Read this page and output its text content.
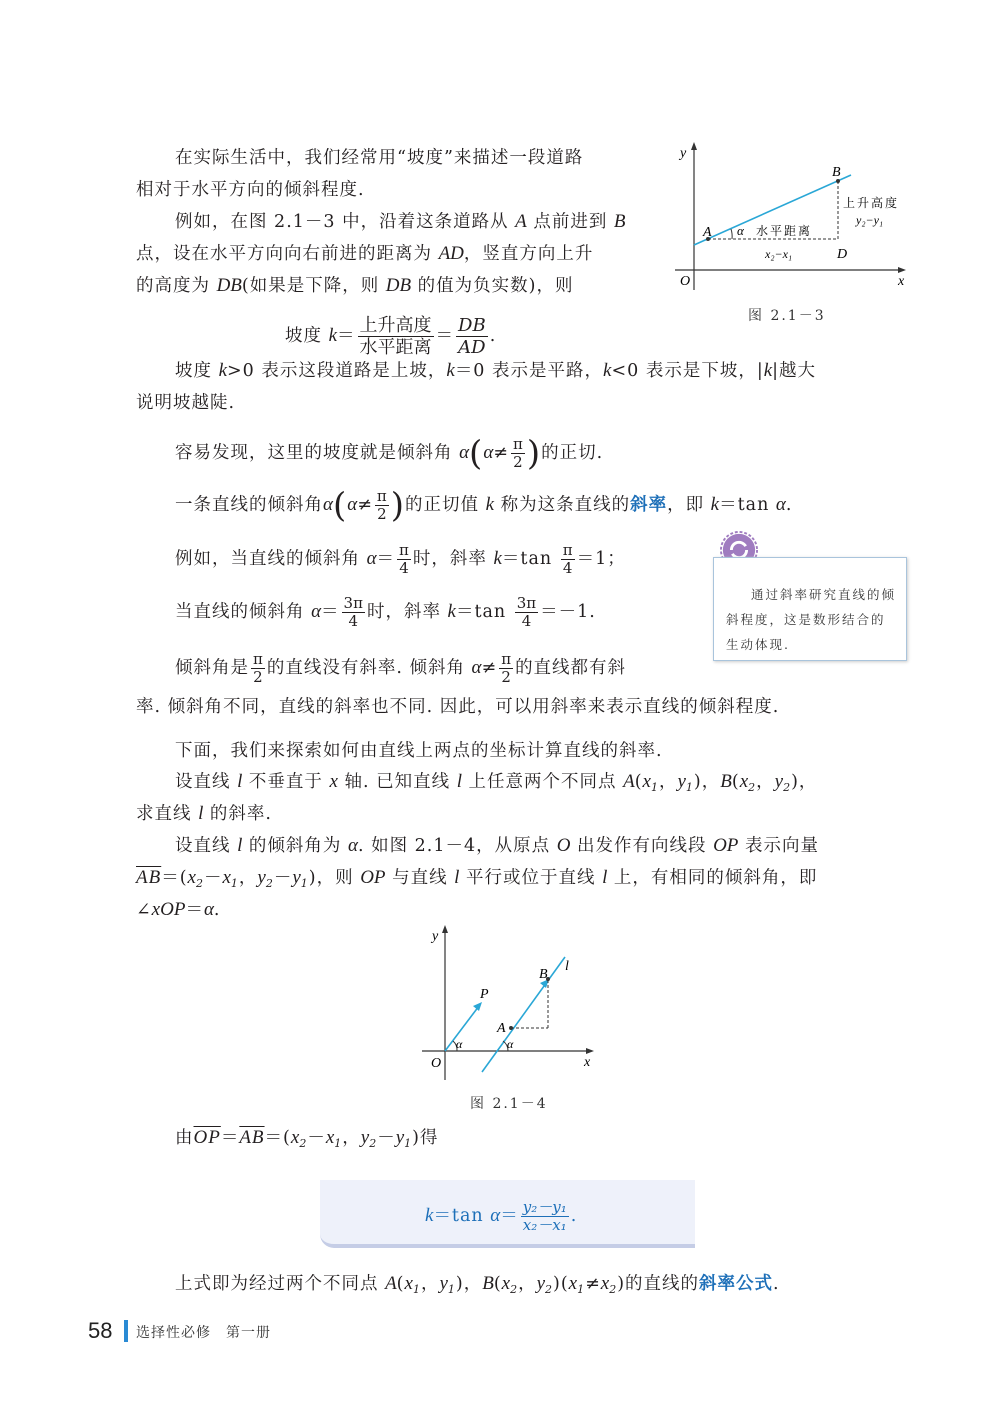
在实际生活中，我们经常用“坡度”来描述一段道路
相对于水平方向的倾斜程度.
例如，在图 2.1－3 中，沿着这条道路从 A 点前进到 B
点，设在水平方向向右前进的距离为 AD，竖直方向上升
的高度为 DB(如果是下降，则 DB 的值为负实数)，则
坡度 $k= \frac{\text{上升高度}}{\text{水平距离}} = \frac{DB}{AD}$ .
坡度 k>0 表示这段道路是上坡，k＝0 表示是平路，k<0 表示是下坡，|k|越大
说明坡越陡.
容易发现，这里的坡度就是倾斜角 $\alpha(\alpha\ne \frac{\pi}{2}$ )的正切.
一条直线的倾斜角$\alpha(\alpha\ne \frac{\pi}{2}$ )的正切值 k 称为这条直线的斜率，即 k＝tan α.
例如，当直线的倾斜角 $\alpha= \frac{\pi}{4}$ 时，斜率 $k=\tan \frac{\pi}{4} =1$；
当直线的倾斜角 $\alpha= \frac{3\pi}{4}$ 时，斜率 $k=\tan \frac{3\pi}{4} =-1$.
倾斜角是 $\frac{\pi}{2}$ 的直线没有斜率. 倾斜角 $\alpha\ne \frac{\pi}{2}$ 的直线都有斜
率. 倾斜角不同，直线的斜率也不同. 因此，可以用斜率来表示直线的倾斜程度.
下面，我们来探索如何由直线上两点的坐标计算直线的斜率.
设直线 l 不垂直于 x 轴. 已知直线 l 上任意两个不同点 $A(x_1$，$y_1$)，$B(x_2$，$y_2$)，
求直线 l 的斜率.
设直线 l 的倾斜角为 α. 如图 2.1－4，从原点 O 出发作有向线段 OP 表示向量
$\overline{AB}=(x_2-x_1$，$y_2-y_1$)，则 OP 与直线 l 平行或位于直线 l 上，有相同的倾斜角，即
∠xOP＝α.
由$\overline{OP}=\overline{AB}=(x_2-x_1$，$y_2-y_1$)得
上式即为经过两个不同点 $A(x_1$，$y_1$)，$B(x_2$，$y_2)(x_1\ne x_2)$的直线的斜率公式.
y
x
O
A
B
D
α 水平距离
x₂−x₁
上升高度
y₂−y₁
图 2.1－3

通过斜率研究直线的倾斜程度，这是数形结合的生动体现.

y
x
O
P
A
B
l
α	α
图 2.1－4
k＝tan $\alpha= \frac{\text{y₂－y₁}}{\text{x₂－x₁}}$ .
58 选择性必修　第一册
